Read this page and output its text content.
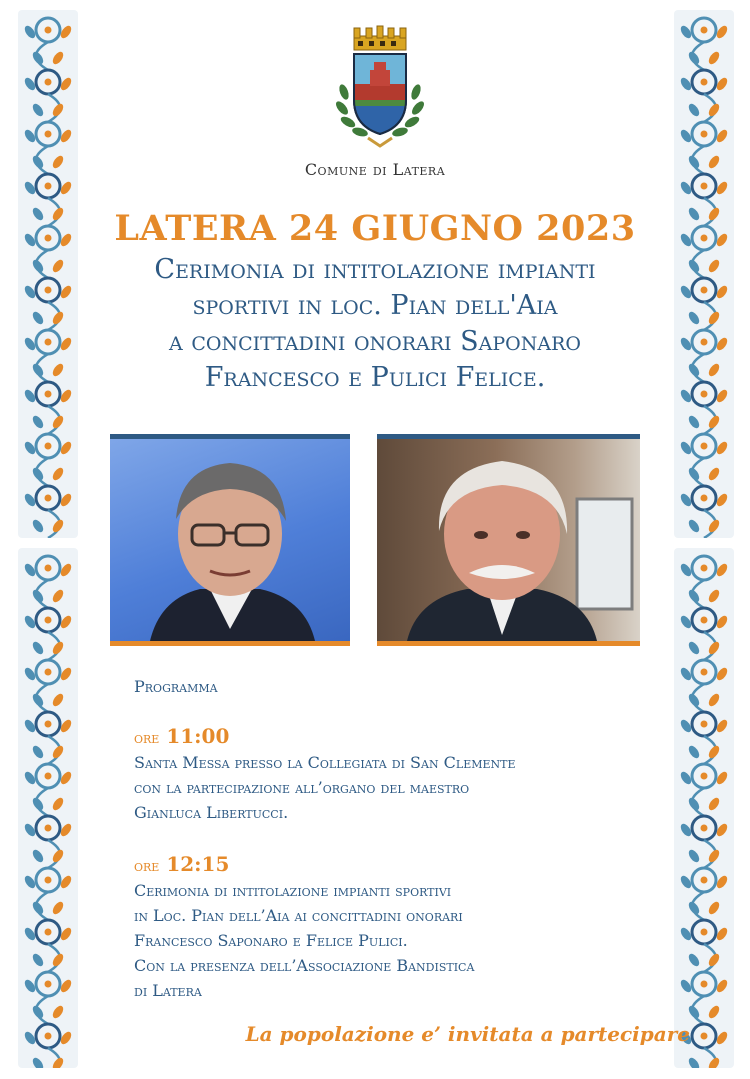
Comune di Latera
LATERA 24 GIUGNO 2023
Cerimonia di intitolazione impianti
sportivi in loc. Pian dell'Aia
a concittadini onorari Saponaro
Francesco e Pulici Felice.
Programma
ore 11:00
Santa Messa presso la Collegiata di San Clemente
con la partecipazione all’organo del maestro
Gianluca Libertucci.
ore 12:15
Cerimonia di intitolazione impianti sportivi
in Loc. Pian dell’Aia ai concittadini onorari
Francesco Saponaro e Felice Pulici.
Con la presenza dell’Associazione Bandistica
di Latera
La popolazione e’ invitata a partecipare
